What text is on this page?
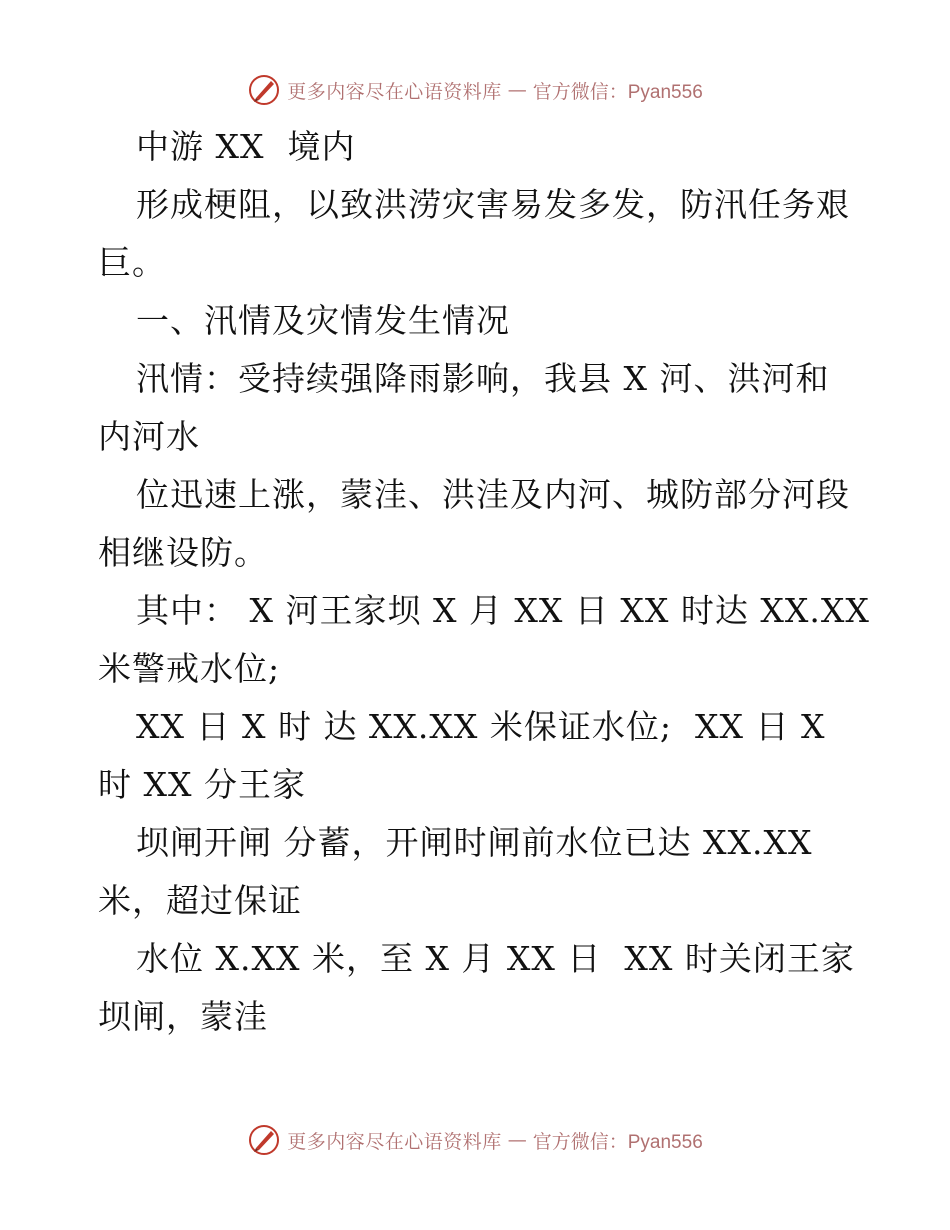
更多内容尽在心语资料库 — 官方微信：Pyan556
中游 XX  境内
形成梗阻，以致洪涝灾害易发多发，防汛任务艰
巨。
一、汛情及灾情发生情况
汛情：受持续强降雨影响，我县 X 河、洪河和
内河水
位迅速上涨，蒙洼、洪洼及内河、城防部分河段
相继设防。
其中： X 河王家坝 X 月 XX 日 XX 时达 XX.XX
米警戒水位;
XX 日 X 时 达 XX.XX 米保证水位;  XX 日 X
时 XX 分王家
坝闸开闸 分蓄，开闸时闸前水位已达 XX.XX
米，超过保证
水位 X.XX 米，至 X 月 XX 日  XX 时关闭王家
坝闸，蒙洼
更多内容尽在心语资料库 — 官方微信：Pyan556
